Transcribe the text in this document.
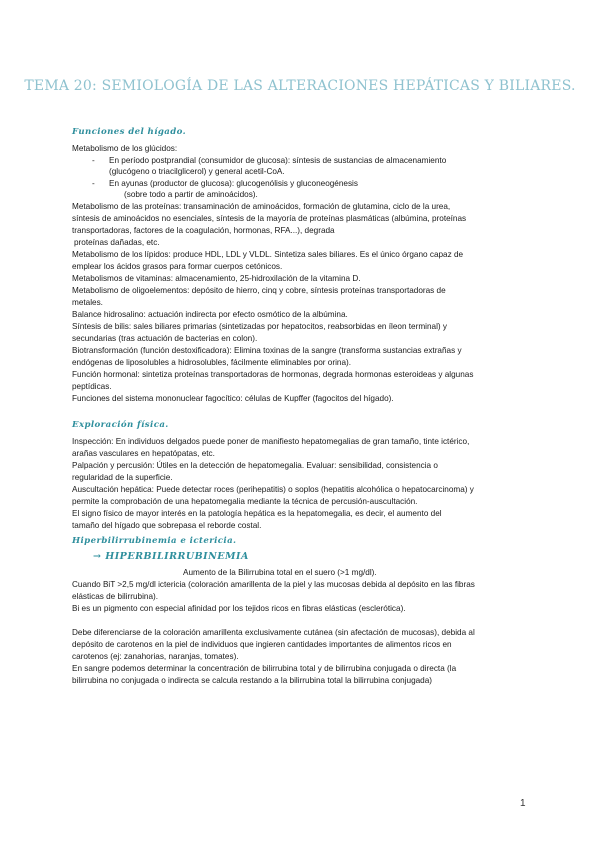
TEMA 20: SEMIOLOGÍA DE LAS ALTERACIONES HEPÁTICAS Y BILIARES.
Funciones del hígado.
Metabolismo de los glúcidos:
- En período postprandial (consumidor de glucosa): síntesis de sustancias de almacenamiento
(glucógeno o triacilglicerol) y general acetil-CoA.
- En ayunas (productor de glucosa): glucogenólisis y gluconeogénesis
(sobre todo a partir de aminoácidos).
Metabolismo de las proteínas: transaminación de aminoácidos, formación de glutamina, ciclo de la urea,
síntesis de aminoácidos no esenciales, síntesis de la mayoría de proteínas plasmáticas (albúmina, proteínas
transportadoras, factores de la coagulación, hormonas, RFA...), degrada
proteínas dañadas, etc.
Metabolismo de los lípidos: produce HDL, LDL y VLDL. Sintetiza sales biliares. Es el único órgano capaz de
emplear los ácidos grasos para formar cuerpos cetónicos.
Metabolismos de vitaminas: almacenamiento, 25-hidroxilación de la vitamina D.
Metabolismo de oligoelementos: depósito de hierro, cinq y cobre, síntesis proteínas transportadoras de
metales.
Balance hidrosalino: actuación indirecta por efecto osmótico de la albúmina.
Síntesis de bilis: sales biliares primarias (sintetizadas por hepatocitos, reabsorbidas en íleon terminal) y
secundarias (tras actuación de bacterias en colon).
Biotransformación (función destoxificadora): Elimina toxinas de la sangre (transforma sustancias extrañas y
endógenas de liposolubles a hidrosolubles, fácilmente eliminables por orina).
Función hormonal: sintetiza proteínas transportadoras de hormonas, degrada hormonas esteroideas y algunas
peptídicas.
Funciones del sistema mononuclear fagocítico: células de Kupffer (fagocitos del hígado).
Exploración física.
Inspección: En individuos delgados puede poner de manifiesto hepatomegalias de gran tamaño, tinte ictérico,
arañas vasculares en hepatópatas, etc.
Palpación y percusión: Útiles en la detección de hepatomegalia. Evaluar: sensibilidad, consistencia o
regularidad de la superficie.
Auscultación hepática: Puede detectar roces (perihepatitis) o soplos (hepatitis alcohólica o hepatocarcinoma) y
permite la comprobación de una hepatomegalia mediante la técnica de percusión-auscultación.
El signo físico de mayor interés en la patología hepática es la hepatomegalia, es decir, el aumento del
tamaño del hígado que sobrepasa el reborde costal.
Hiperbilirrubinemia e ictericia.
→ HIPERBILIRRUBINEMIA
Aumento de la Bilirrubina total en el suero (>1 mg/dl).
Cuando BiT >2,5 mg/dl ictericia (coloración amarillenta de la piel y las mucosas debida al depósito en las fibras
elásticas de bilirrubina).
Bi es un pigmento con especial afinidad por los tejidos ricos en fibras elásticas (esclerótica).
Debe diferenciarse de la coloración amarillenta exclusivamente cutánea (sin afectación de mucosas), debida al
depósito de carotenos en la piel de individuos que ingieren cantidades importantes de alimentos ricos en
carotenos (ej: zanahorias, naranjas, tomates).
En sangre podemos determinar la concentración de bilirrubina total y de bilirrubina conjugada o directa (la
bilirrubina no conjugada o indirecta se calcula restando a la bilirrubina total la bilirrubina conjugada)
1
